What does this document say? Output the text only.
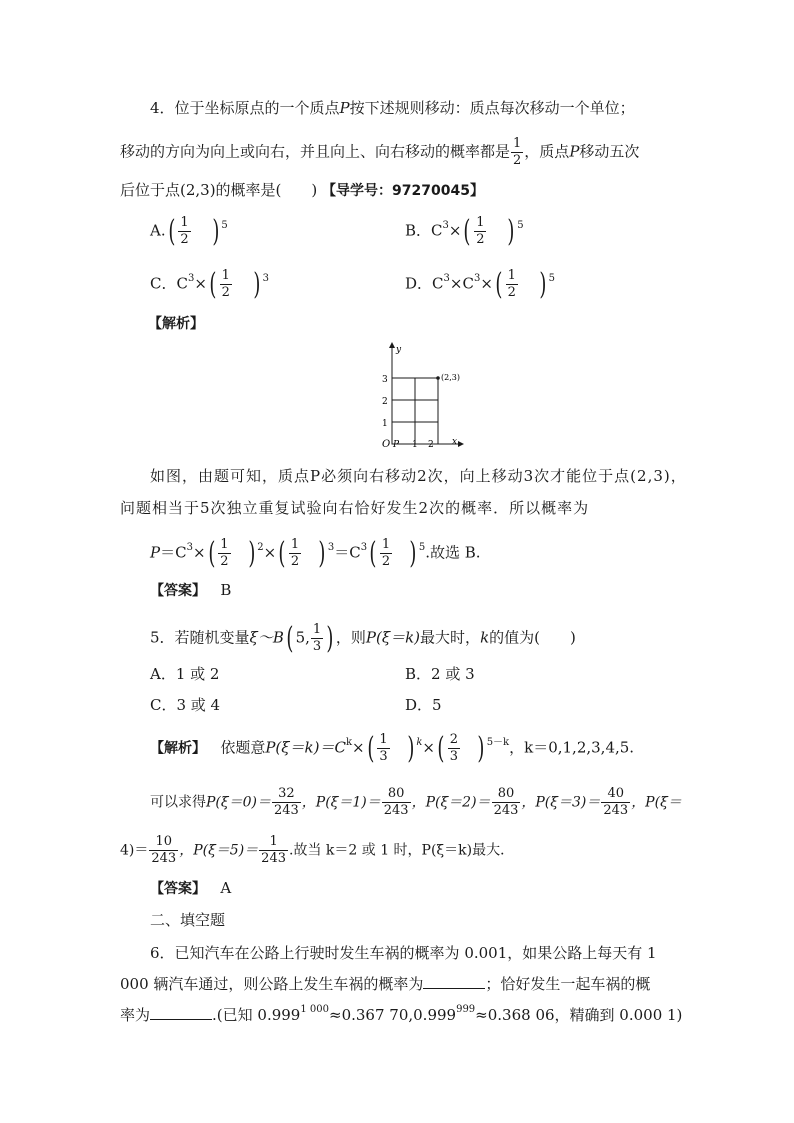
4．位于坐标原点的一个质点P按下述规则移动：质点每次移动一个单位；
移动的方向为向上或向右，并且向上、向右移动的概率都是 $\frac{1}{2}$ ，质点P移动五次
后位于点(2,3)的概率是(　　) 【导学号：97270045】
$A.( \frac{1}{2}$ ) $^5$	B．$C^3\times( \frac{1}{2}$ ) $^5$
C．$C^3\times( \frac{1}{2}$ ) $^3$	D．$C^3\times C^3\times( \frac{1}{2}$ ) $^5$
【解析】
y
x
O P
1
2
3
1 2
(2,3)
如图，由题可知，质点P必须向右移动2次，向上移动3次才能位于点(2,3)，
问题相当于5次独立重复试验向右恰好发生2次的概率．所以概率为
$P=C^3\times( \frac{1}{2}$ ) $^2\times( \frac{1}{2}$ ) $^3=C^3( \frac{1}{2}$ ) $^5$.故选 B.
【答案】 B
5．若随机变量ξ～B( 5, $\frac{1}{3}$ ) ，则P(ξ＝k)最大时，k的值为(　　)
A．1 或 2	B．2 或 3
C．3 或 4	D．5
【解析】 依题意$P(\xi=k)=C^k\times( \frac{1}{3}$ ) $^k\times( \frac{2}{3}$ ) $^{5-k}$，k＝0,1,2,3,4,5.
可以求得$P(\xi=0)= \frac{32}{243}$ ，$P(\xi=1)= \frac{80}{243}$ ，$P(\xi=2)= \frac{80}{243}$ ，$P(\xi=3)= \frac{40}{243}$ ，P(ξ＝
$4)= \frac{10}{243}$ ，$P(\xi=5)= \frac{1}{243}$ .故当 k＝2 或 1 时，P(ξ＝k)最大．
【答案】 A
二、填空题
6．已知汽车在公路上行驶时发生车祸的概率为 0.001，如果公路上每天有 1
000 辆汽车通过，则公路上发生车祸的概率为	；恰好发生一起车祸的概
率为	.(已知 $0.999^{1 000}\approx 0.367$ $70,0.999^{999}\approx 0.368$ 06，精确到 0.000 1)
